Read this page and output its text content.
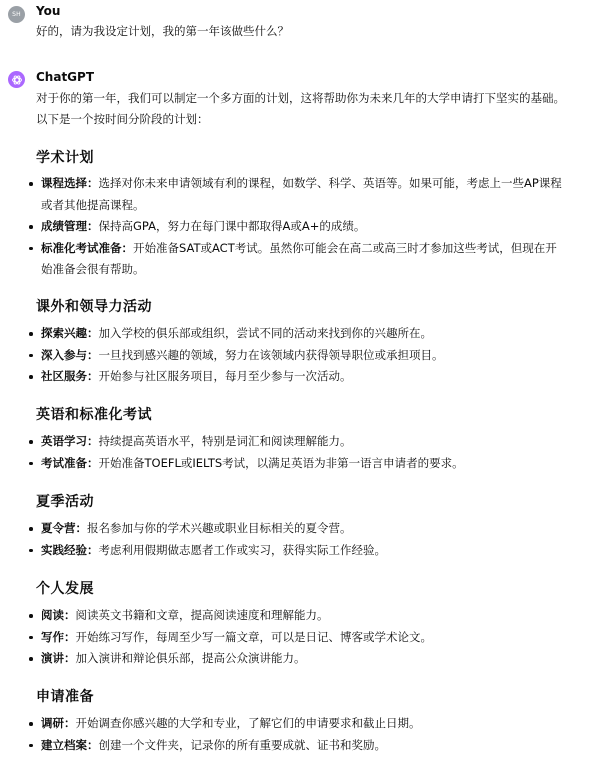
SH You
好的，请为我设定计划，我的第一年该做些什么？
ChatGPT
对于你的第一年，我们可以制定一个多方面的计划，这将帮助你为未来几年的大学申请打下坚实的基础。以下是一个按时间分阶段的计划：
学术计划
课程选择：选择对你未来申请领域有利的课程，如数学、科学、英语等。如果可能，考虑上一些AP课程或者其他提高课程。
成绩管理：保持高GPA，努力在每门课中都取得A或A+的成绩。
标准化考试准备：开始准备SAT或ACT考试。虽然你可能会在高二或高三时才参加这些考试，但现在开始准备会很有帮助。
课外和领导力活动
探索兴趣：加入学校的俱乐部或组织，尝试不同的活动来找到你的兴趣所在。
深入参与：一旦找到感兴趣的领域，努力在该领域内获得领导职位或承担项目。
社区服务：开始参与社区服务项目，每月至少参与一次活动。
英语和标准化考试
英语学习：持续提高英语水平，特别是词汇和阅读理解能力。
考试准备：开始准备TOEFL或IELTS考试，以满足英语为非第一语言申请者的要求。
夏季活动
夏令营：报名参加与你的学术兴趣或职业目标相关的夏令营。
实践经验：考虑利用假期做志愿者工作或实习，获得实际工作经验。
个人发展
阅读：阅读英文书籍和文章，提高阅读速度和理解能力。
写作：开始练习写作，每周至少写一篇文章，可以是日记、博客或学术论文。
演讲：加入演讲和辩论俱乐部，提高公众演讲能力。
申请准备
调研：开始调查你感兴趣的大学和专业，了解它们的申请要求和截止日期。
建立档案：创建一个文件夹，记录你的所有重要成就、证书和奖励。
